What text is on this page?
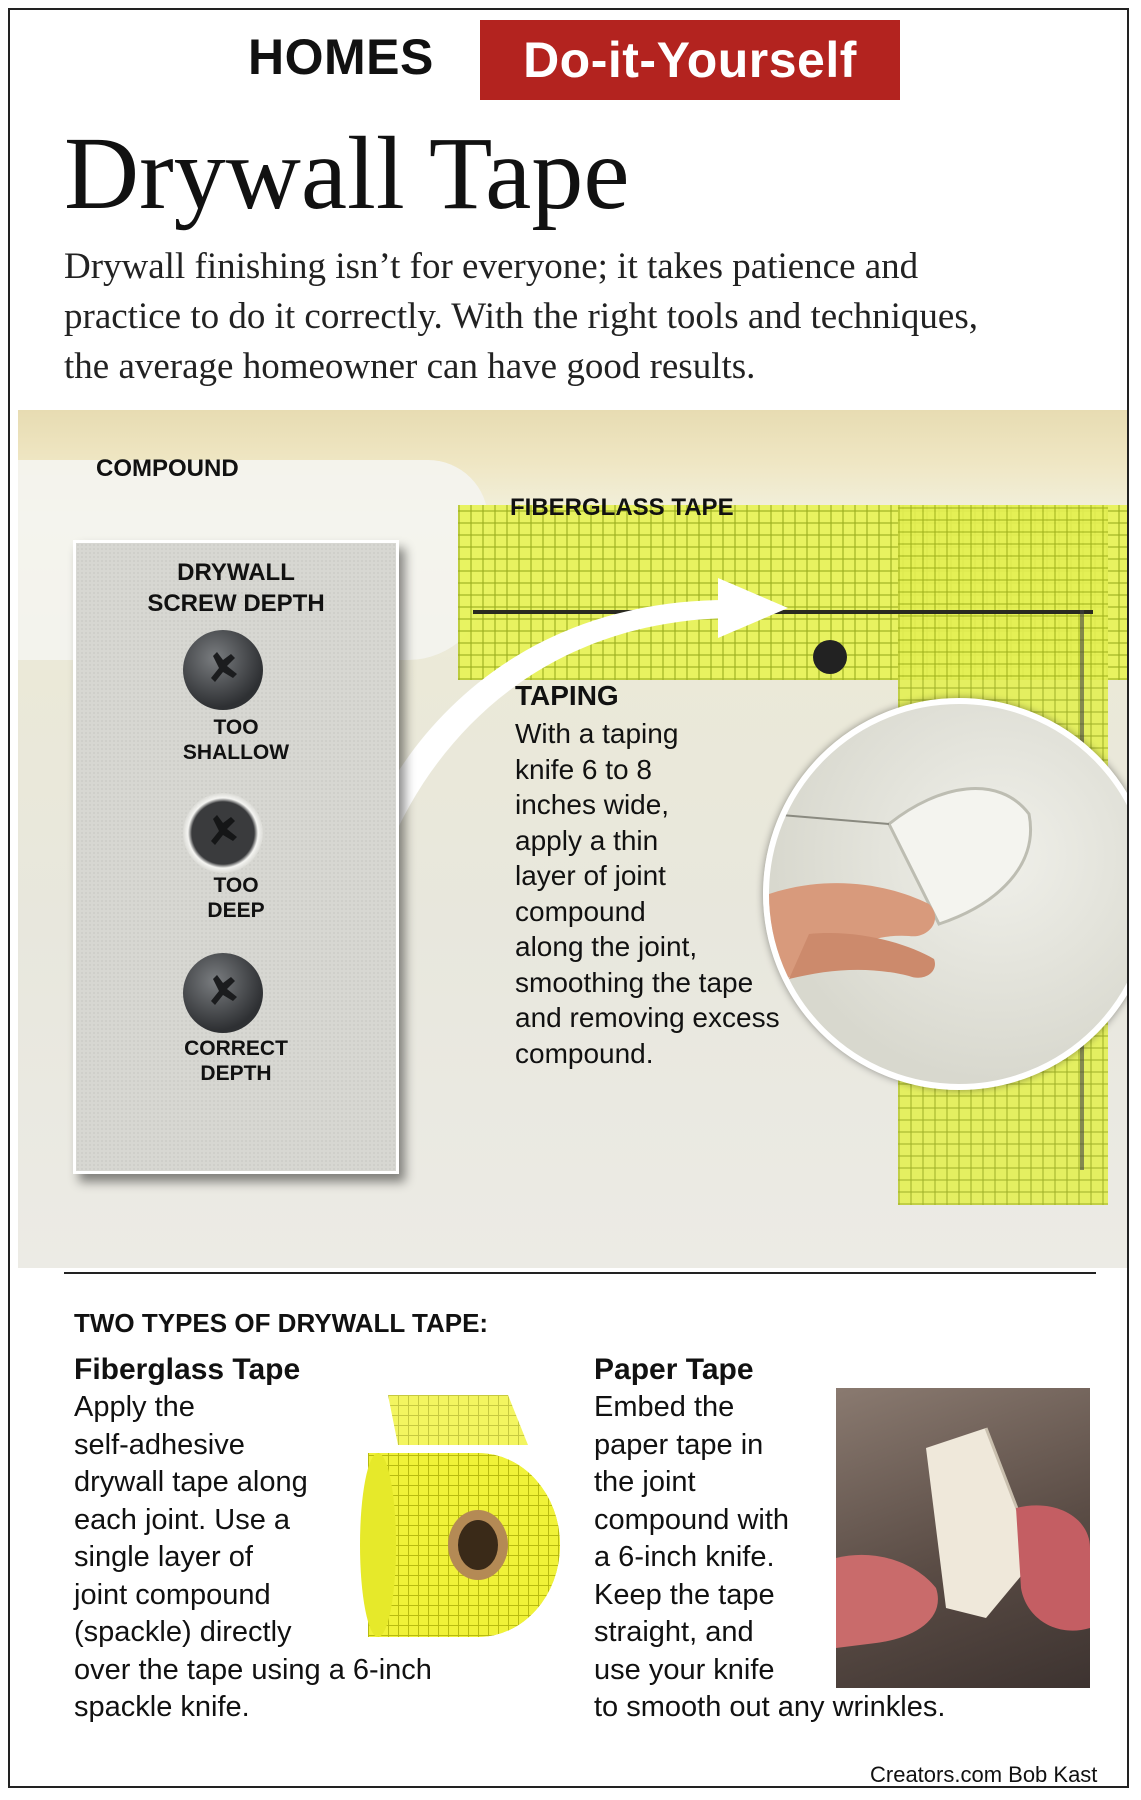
HOMES	Do-it-Yourself
Drywall Tape
Drywall finishing isn’t for everyone; it takes patience and
practice to do it correctly. With the right tools and techniques,
the average homeowner can have good results.
COMPOUND
FIBERGLASS TAPE
DRYWALL
SCREW DEPTH
TOO
SHALLOW
TOO
DEEP
CORRECT
DEPTH
TAPING
With a taping
knife 6 to 8
inches wide,
apply a thin
layer of joint
compound
along the joint,
smoothing the tape
and removing excess
compound.
TWO TYPES OF DRYWALL TAPE:
Fiberglass Tape
Apply the
self-adhesive
drywall tape along
each joint. Use a
single layer of
joint compound
(spackle) directly
over the tape using a 6-inch
spackle knife.
Paper Tape
Embed the
paper tape in
the joint
compound with
a 6-inch knife.
Keep the tape
straight, and
use your knife
to smooth out any wrinkles.
Creators.com Bob Kast
